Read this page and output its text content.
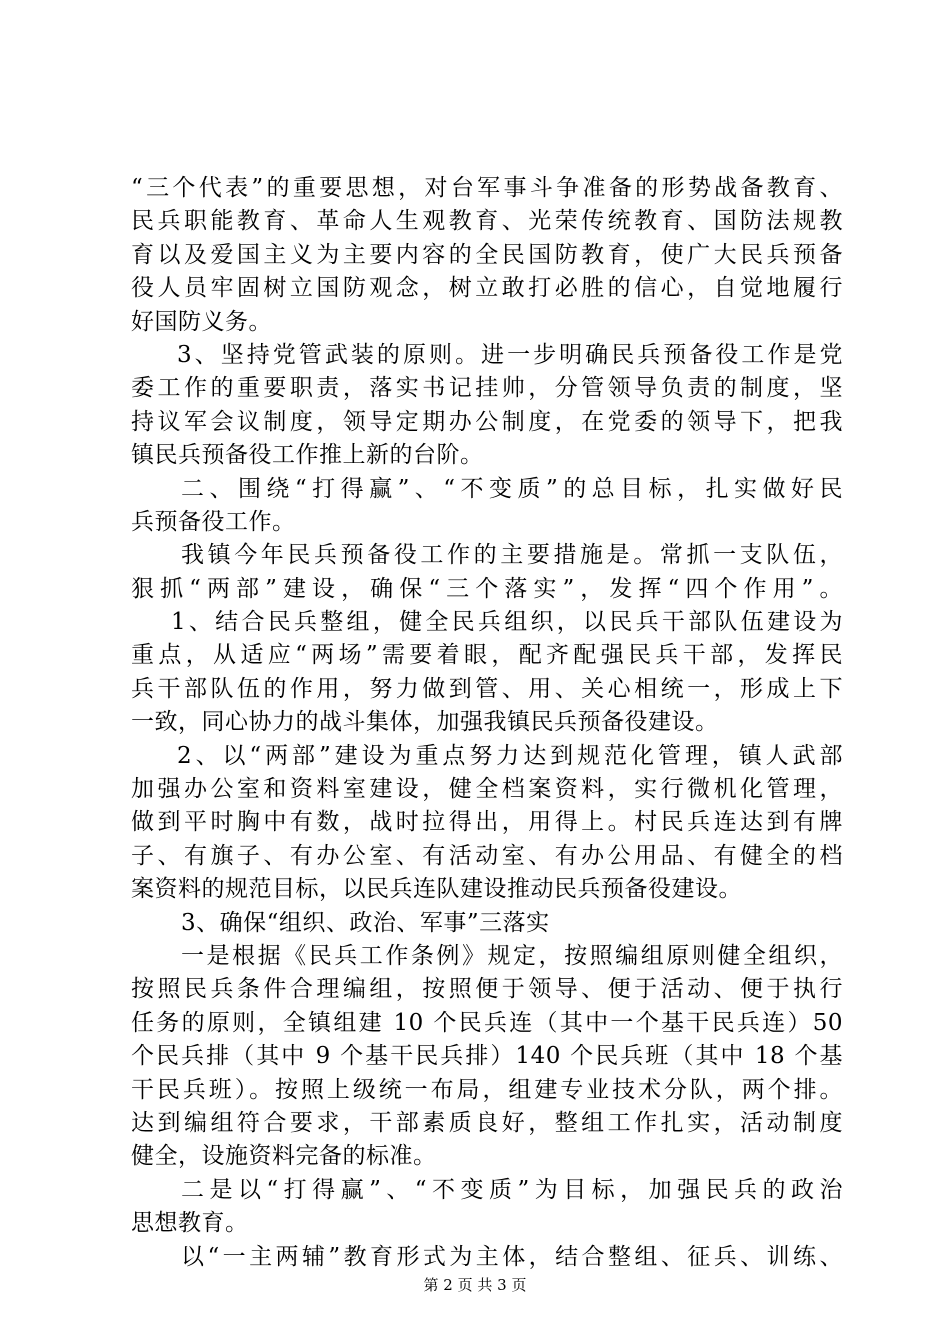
“三个代表”的重要思想，对台军事斗争准备的形势战备教育、
民兵职能教育、革命人生观教育、光荣传统教育、国防法规教
育以及爱国主义为主要内容的全民国防教育，使广大民兵预备
役人员牢固树立国防观念，树立敢打必胜的信心，自觉地履行
好国防义务。
3、坚持党管武装的原则。进一步明确民兵预备役工作是党
委工作的重要职责，落实书记挂帅，分管领导负责的制度，坚
持议军会议制度，领导定期办公制度，在党委的领导下，把我
镇民兵预备役工作推上新的台阶。
二、围绕“打得赢”、“不变质”的总目标，扎实做好民
兵预备役工作。
我镇今年民兵预备役工作的主要措施是。常抓一支队伍，
狠抓“两部”建设，确保“三个落实”，发挥“四个作用”。
1、结合民兵整组，健全民兵组织，以民兵干部队伍建设为
重点，从适应“两场”需要着眼，配齐配强民兵干部，发挥民
兵干部队伍的作用，努力做到管、用、关心相统一，形成上下
一致，同心协力的战斗集体，加强我镇民兵预备役建设。
2、以“两部”建设为重点努力达到规范化管理，镇人武部
加强办公室和资料室建设，健全档案资料，实行微机化管理，
做到平时胸中有数，战时拉得出，用得上。村民兵连达到有牌
子、有旗子、有办公室、有活动室、有办公用品、有健全的档
案资料的规范目标，以民兵连队建设推动民兵预备役建设。
3、确保“组织、政治、军事”三落实
一是根据《民兵工作条例》规定，按照编组原则健全组织，
按照民兵条件合理编组，按照便于领导、便于活动、便于执行
任务的原则，全镇组建 10 个民兵连（其中一个基干民兵连）50
个民兵排（其中 9 个基干民兵排）140 个民兵班（其中 18 个基
干民兵班）。按照上级统一布局，组建专业技术分队，两个排。
达到编组符合要求，干部素质良好，整组工作扎实，活动制度
健全，设施资料完备的标准。
二是以“打得赢”、“不变质”为目标，加强民兵的政治
思想教育。
以“一主两辅”教育形式为主体，结合整组、征兵、训练、
第 2 页 共 3 页
